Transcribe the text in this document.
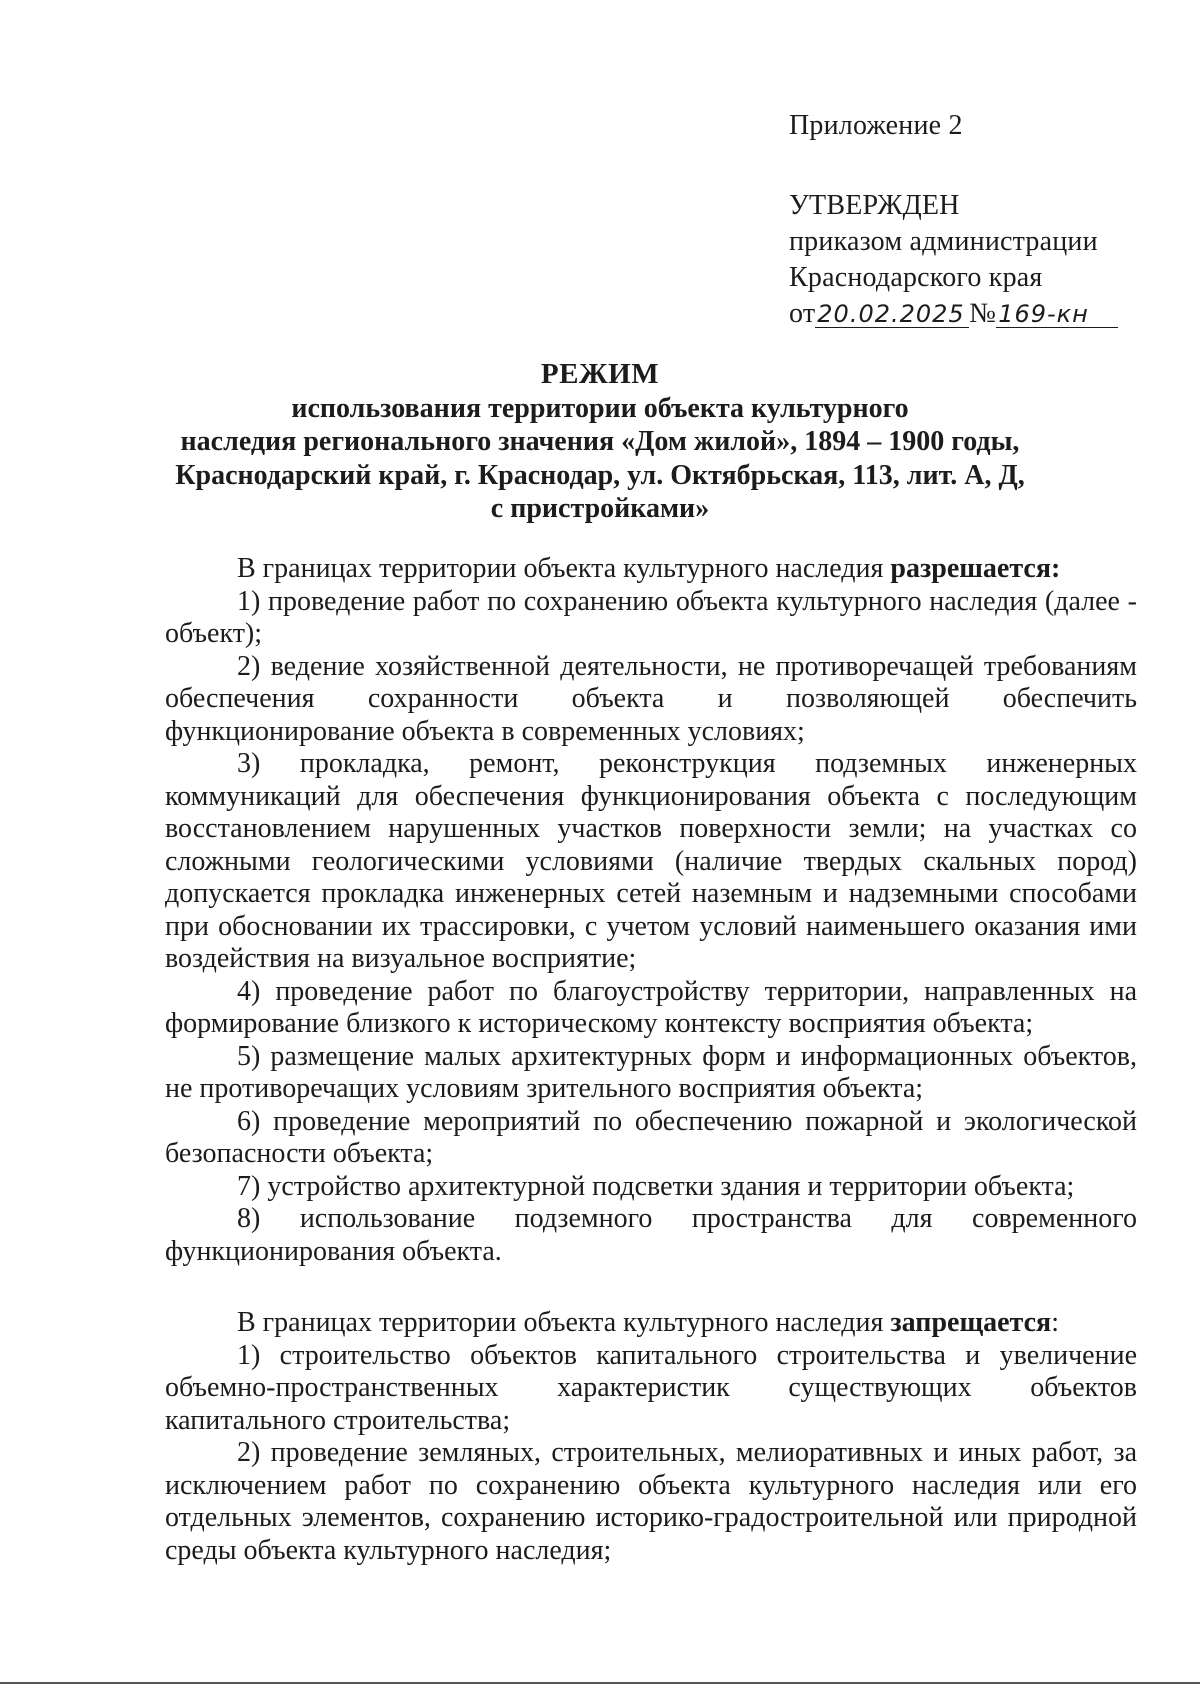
Приложение 2
УТВЕРЖДЕН
приказом администрации
Краснодарского края
от20.02.2025 №169-кн
РЕЖИМ
использования территории объекта культурного
наследия регионального значения «Дом жилой», 1894 – 1900 годы,
Краснодарский край, г. Краснодар, ул. Октябрьская, 113, лит. А, Д,
с пристройками»

В границах территории объекта культурного наследия разрешается:

1) проведение работ по сохранению объекта культурного наследия (далее - объект);

2) ведение хозяйственной деятельности, не противоречащей требованиям обеспечения сохранности объекта и позволяющей обеспечить функционирование объекта в современных условиях;

3) прокладка, ремонт, реконструкция подземных инженерных коммуникаций для обеспечения функционирования объекта с последующим восстановлением нарушенных участков поверхности земли; на участках со сложными геологическими условиями (наличие твердых скальных пород) допускается прокладка инженерных сетей наземным и надземными способами при обосновании их трассировки, с учетом условий наименьшего оказания ими воздействия на визуальное восприятие;

4) проведение работ по благоустройству территории, направленных на формирование близкого к историческому контексту восприятия объекта;

5) размещение малых архитектурных форм и информационных объектов, не противоречащих условиям зрительного восприятия объекта;

6) проведение мероприятий по обеспечению пожарной и экологической безопасности объекта;

7) устройство архитектурной подсветки здания и территории объекта;

8) использование подземного пространства для современного функционирования объекта.

В границах территории объекта культурного наследия запрещается:

1) строительство объектов капитального строительства и увеличение объемно-пространственных характеристик существующих объектов капитального строительства;

2) проведение земляных, строительных, мелиоративных и иных работ, за исключением работ по сохранению объекта культурного наследия или его отдельных элементов, сохранению историко-градостроительной или природной среды объекта культурного наследия;
